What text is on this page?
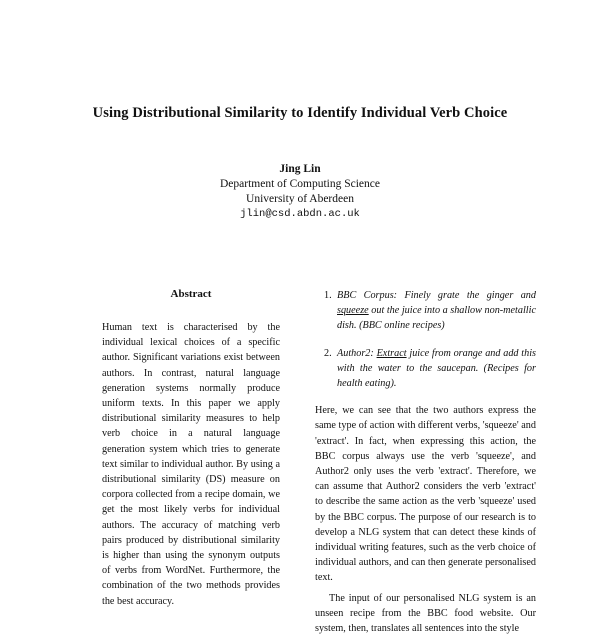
Using Distributional Similarity to Identify Individual Verb Choice
Jing Lin
Department of Computing Science
University of Aberdeen
jlin@csd.abdn.ac.uk
Abstract

Human text is characterised by the individual lexical choices of a specific author. Significant variations exist between authors. In contrast, natural language generation systems normally produce uniform texts. In this paper we apply distributional similarity measures to help verb choice in a natural language generation system which tries to generate text similar to individual author. By using a distributional similarity (DS) measure on corpora collected from a recipe domain, we get the most likely verbs for individual authors. The accuracy of matching verb pairs produced by distributional similarity is higher than using the synonym outputs of verbs from WordNet. Furthermore, the combination of the two methods provides the best accuracy.

1. BBC Corpus: Finely grate the ginger and squeeze out the juice into a shallow non-metallic dish. (BBC online recipes)
2. Author2: Extract juice from orange and add this with the water to the saucepan. (Recipes for health eating).

Here, we can see that the two authors express the same type of action with different verbs, 'squeeze' and 'extract'. In fact, when expressing this action, the BBC corpus always use the verb 'squeeze', and Author2 only uses the verb 'extract'. Therefore, we can assume that Author2 considers the verb 'extract' to describe the same action as the verb 'squeeze' used by the BBC corpus. The purpose of our research is to develop a NLG system that can detect these kinds of individual writing features, such as the verb choice of individual authors, and can then generate personalised text.

The input of our personalised NLG system is an unseen recipe from the BBC food website. Our system, then, translates all sentences into the style
